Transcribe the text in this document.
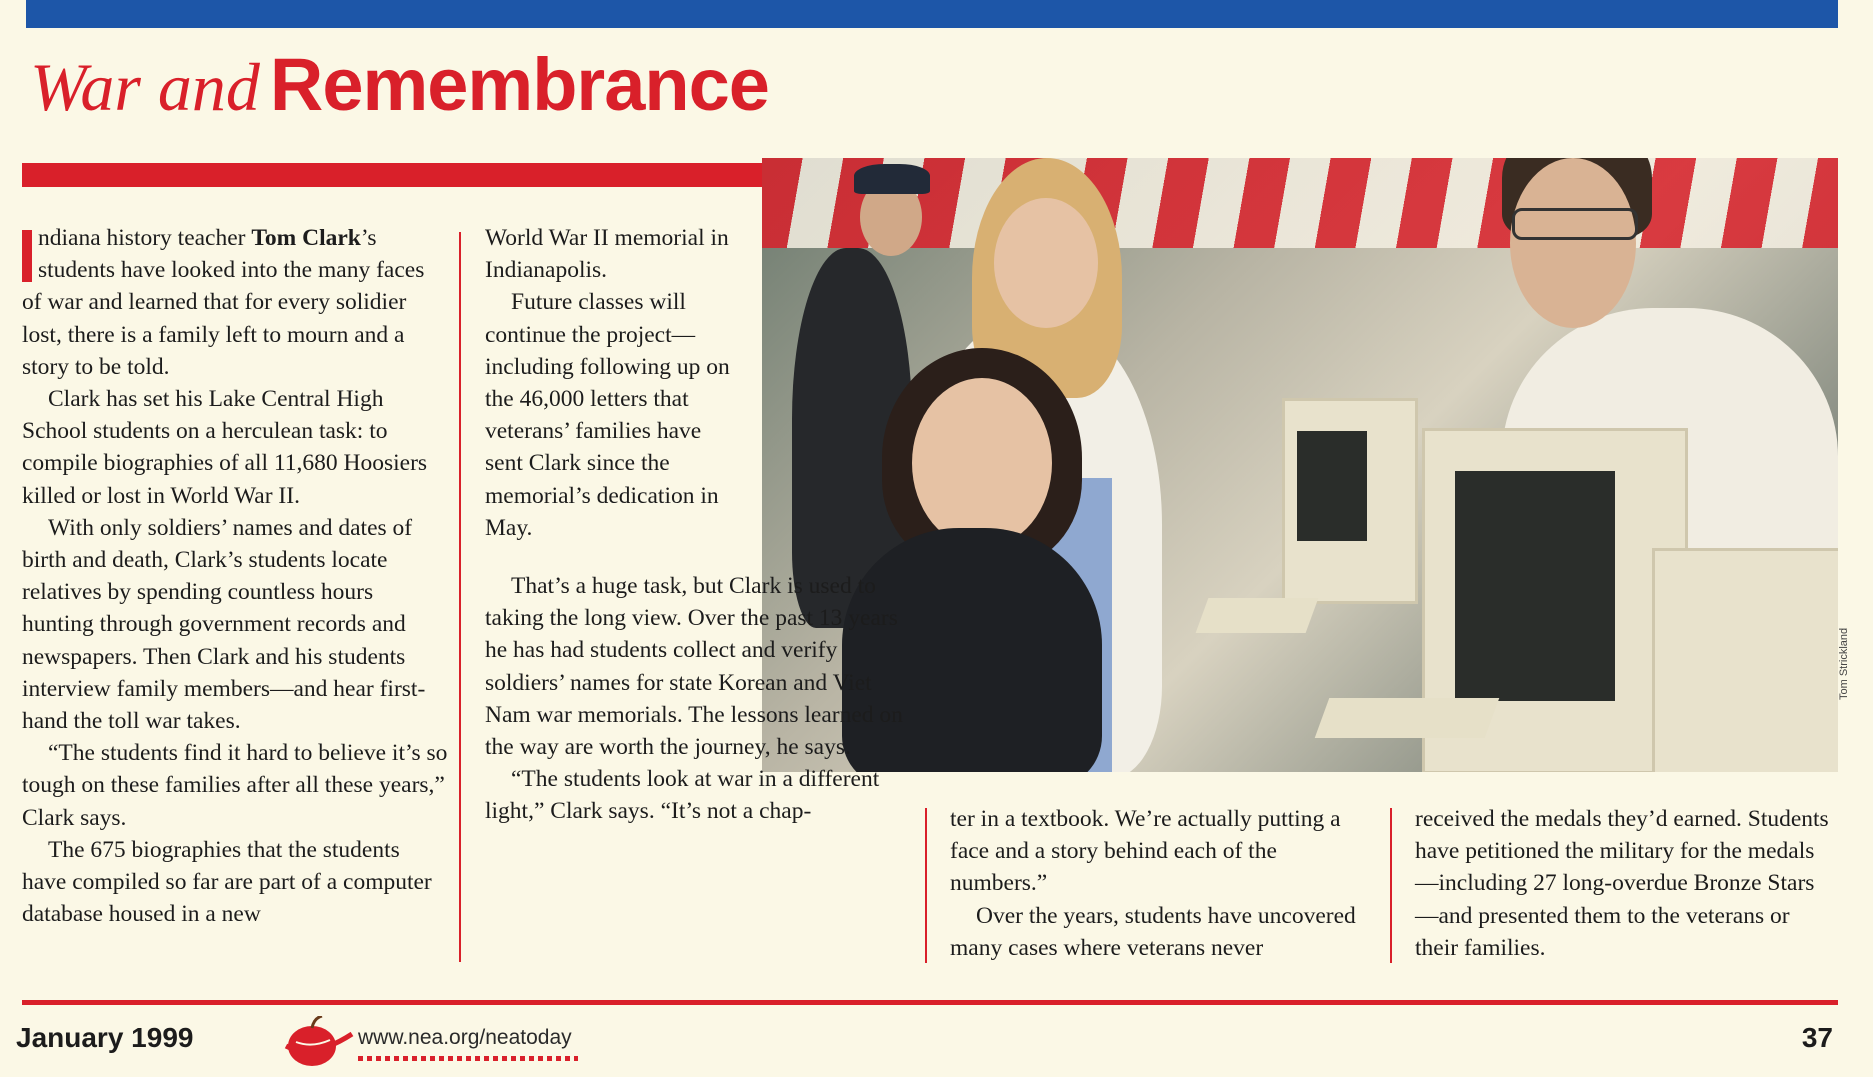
War and Remembrance
Tom Strickland

ndiana history teacher Tom Clark’s students have looked into the many faces of war and learned that for every solidier lost, there is a family left to mourn and a story to be told.

Clark has set his Lake Central High School students on a herculean task: to compile biographies of all 11,680 Hoosiers killed or lost in World War II.

With only soldiers’ names and dates of birth and death, Clark’s students locate relatives by spending countless hours hunting through government records and newspapers. Then Clark and his students interview family members—and hear first-hand the toll war takes.

“The students find it hard to believe it’s so tough on these families after all these years,” Clark says.

The 675 biographies that the students have compiled so far are part of a computer database housed in a new

World War II memorial in Indianapolis.

Future classes will continue the project—including following up on the 46,000 letters that veterans’ families have sent Clark since the memorial’s dedication in May.

That’s a huge task, but Clark is used to taking the long view. Over the past 13 years he has had students collect and verify soldiers’ names for state Korean and Viet Nam war memorials. The lessons learned on the way are worth the journey, he says.

“The students look at war in a different light,” Clark says. “It’s not a chap-	ter in a textbook. We’re actually putting a face and a story behind each of the numbers.”

Over the years, students have uncovered many cases where veterans never

received the medals they’d earned. Students have petitioned the military for the medals—including 27 long-overdue Bronze Stars—and presented them to the veterans or their families.

January 1999	www.nea.org/neatoday	37
